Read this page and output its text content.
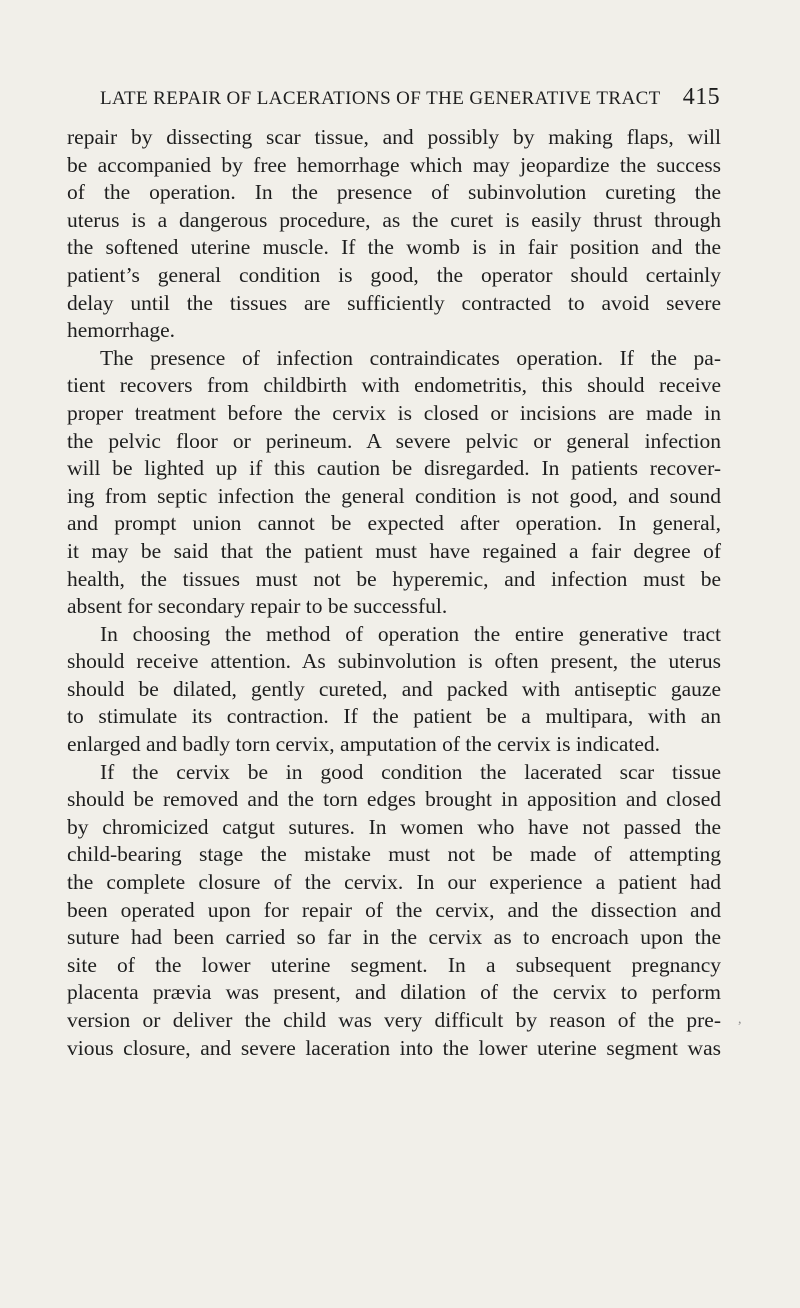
LATE REPAIR OF LACERATIONS OF THE GENERATIVE TRACT 415
repair by dissecting scar tissue, and possibly by making flaps, will
be accompanied by free hemorrhage which may jeopardize the success
of the operation. In the presence of subinvolution cureting the
uterus is a dangerous procedure, as the curet is easily thrust through
the softened uterine muscle. If the womb is in fair position and the
patient’s general condition is good, the operator should certainly
delay until the tissues are sufficiently contracted to avoid severe
hemorrhage.
The presence of infection contraindicates operation. If the pa-
tient recovers from childbirth with endometritis, this should receive
proper treatment before the cervix is closed or incisions are made in
the pelvic floor or perineum. A severe pelvic or general infection
will be lighted up if this caution be disregarded. In patients recover-
ing from septic infection the general condition is not good, and sound
and prompt union cannot be expected after operation. In general,
it may be said that the patient must have regained a fair degree of
health, the tissues must not be hyperemic, and infection must be
absent for secondary repair to be successful.
In choosing the method of operation the entire generative tract
should receive attention. As subinvolution is often present, the uterus
should be dilated, gently cureted, and packed with antiseptic gauze
to stimulate its contraction. If the patient be a multipara, with an
enlarged and badly torn cervix, amputation of the cervix is indicated.
If the cervix be in good condition the lacerated scar tissue
should be removed and the torn edges brought in apposition and closed
by chromicized catgut sutures. In women who have not passed the
child-bearing stage the mistake must not be made of attempting
the complete closure of the cervix. In our experience a patient had
been operated upon for repair of the cervix, and the dissection and
suture had been carried so far in the cervix as to encroach upon the
site of the lower uterine segment. In a subsequent pregnancy
placenta prævia was present, and dilation of the cervix to perform
version or deliver the child was very difficult by reason of the pre-
vious closure, and severe laceration into the lower uterine segment was
,
